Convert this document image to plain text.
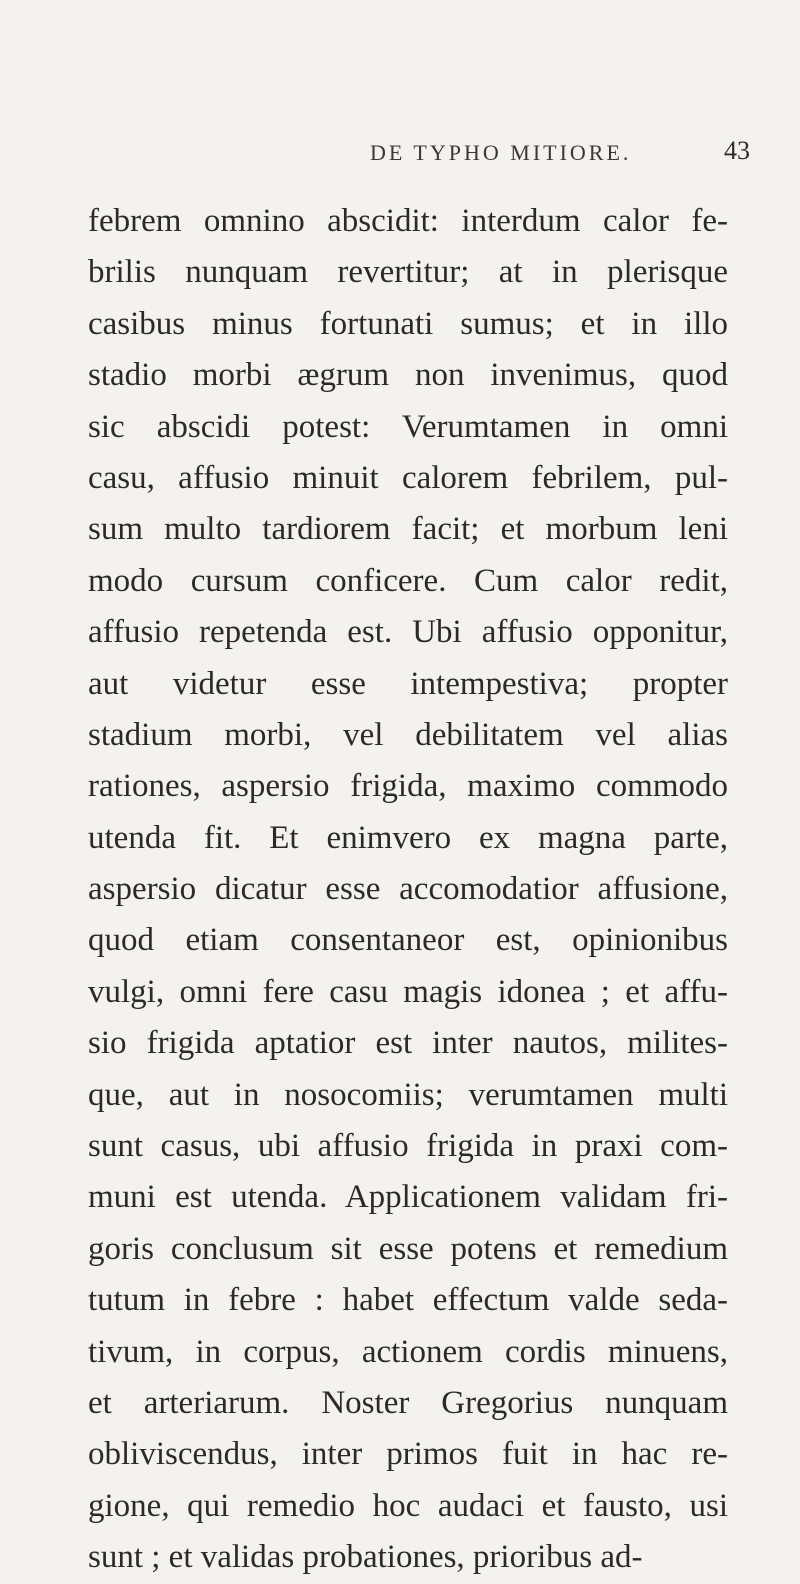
DE TYPHO MITIORE.	43
febrem omnino abscidit: interdum calor fe-
brilis nunquam revertitur; at in plerisque
casibus minus fortunati sumus; et in illo
stadio morbi ægrum non invenimus, quod
sic abscidi potest: Verumtamen in omni
casu, affusio minuit calorem febrilem, pul-
sum multo tardiorem facit; et morbum leni
modo cursum conficere. Cum calor redit,
affusio repetenda est. Ubi affusio opponitur,
aut videtur esse intempestiva; propter
stadium morbi, vel debilitatem vel alias
rationes, aspersio frigida, maximo commodo
utenda fit. Et enimvero ex magna parte,
aspersio dicatur esse accomodatior affusione,
quod etiam consentaneor est, opinionibus
vulgi, omni fere casu magis idonea ; et affu-
sio frigida aptatior est inter nautos, milites-
que, aut in nosocomiis; verumtamen multi
sunt casus, ubi affusio frigida in praxi com-
muni est utenda. Applicationem validam fri-
goris conclusum sit esse potens et remedium
tutum in febre : habet effectum valde seda-
tivum, in corpus, actionem cordis minuens,
et arteriarum. Noster Gregorius nunquam
obliviscendus, inter primos fuit in hac re-
gione, qui remedio hoc audaci et fausto, usi
sunt ; et validas probationes, prioribus ad-
